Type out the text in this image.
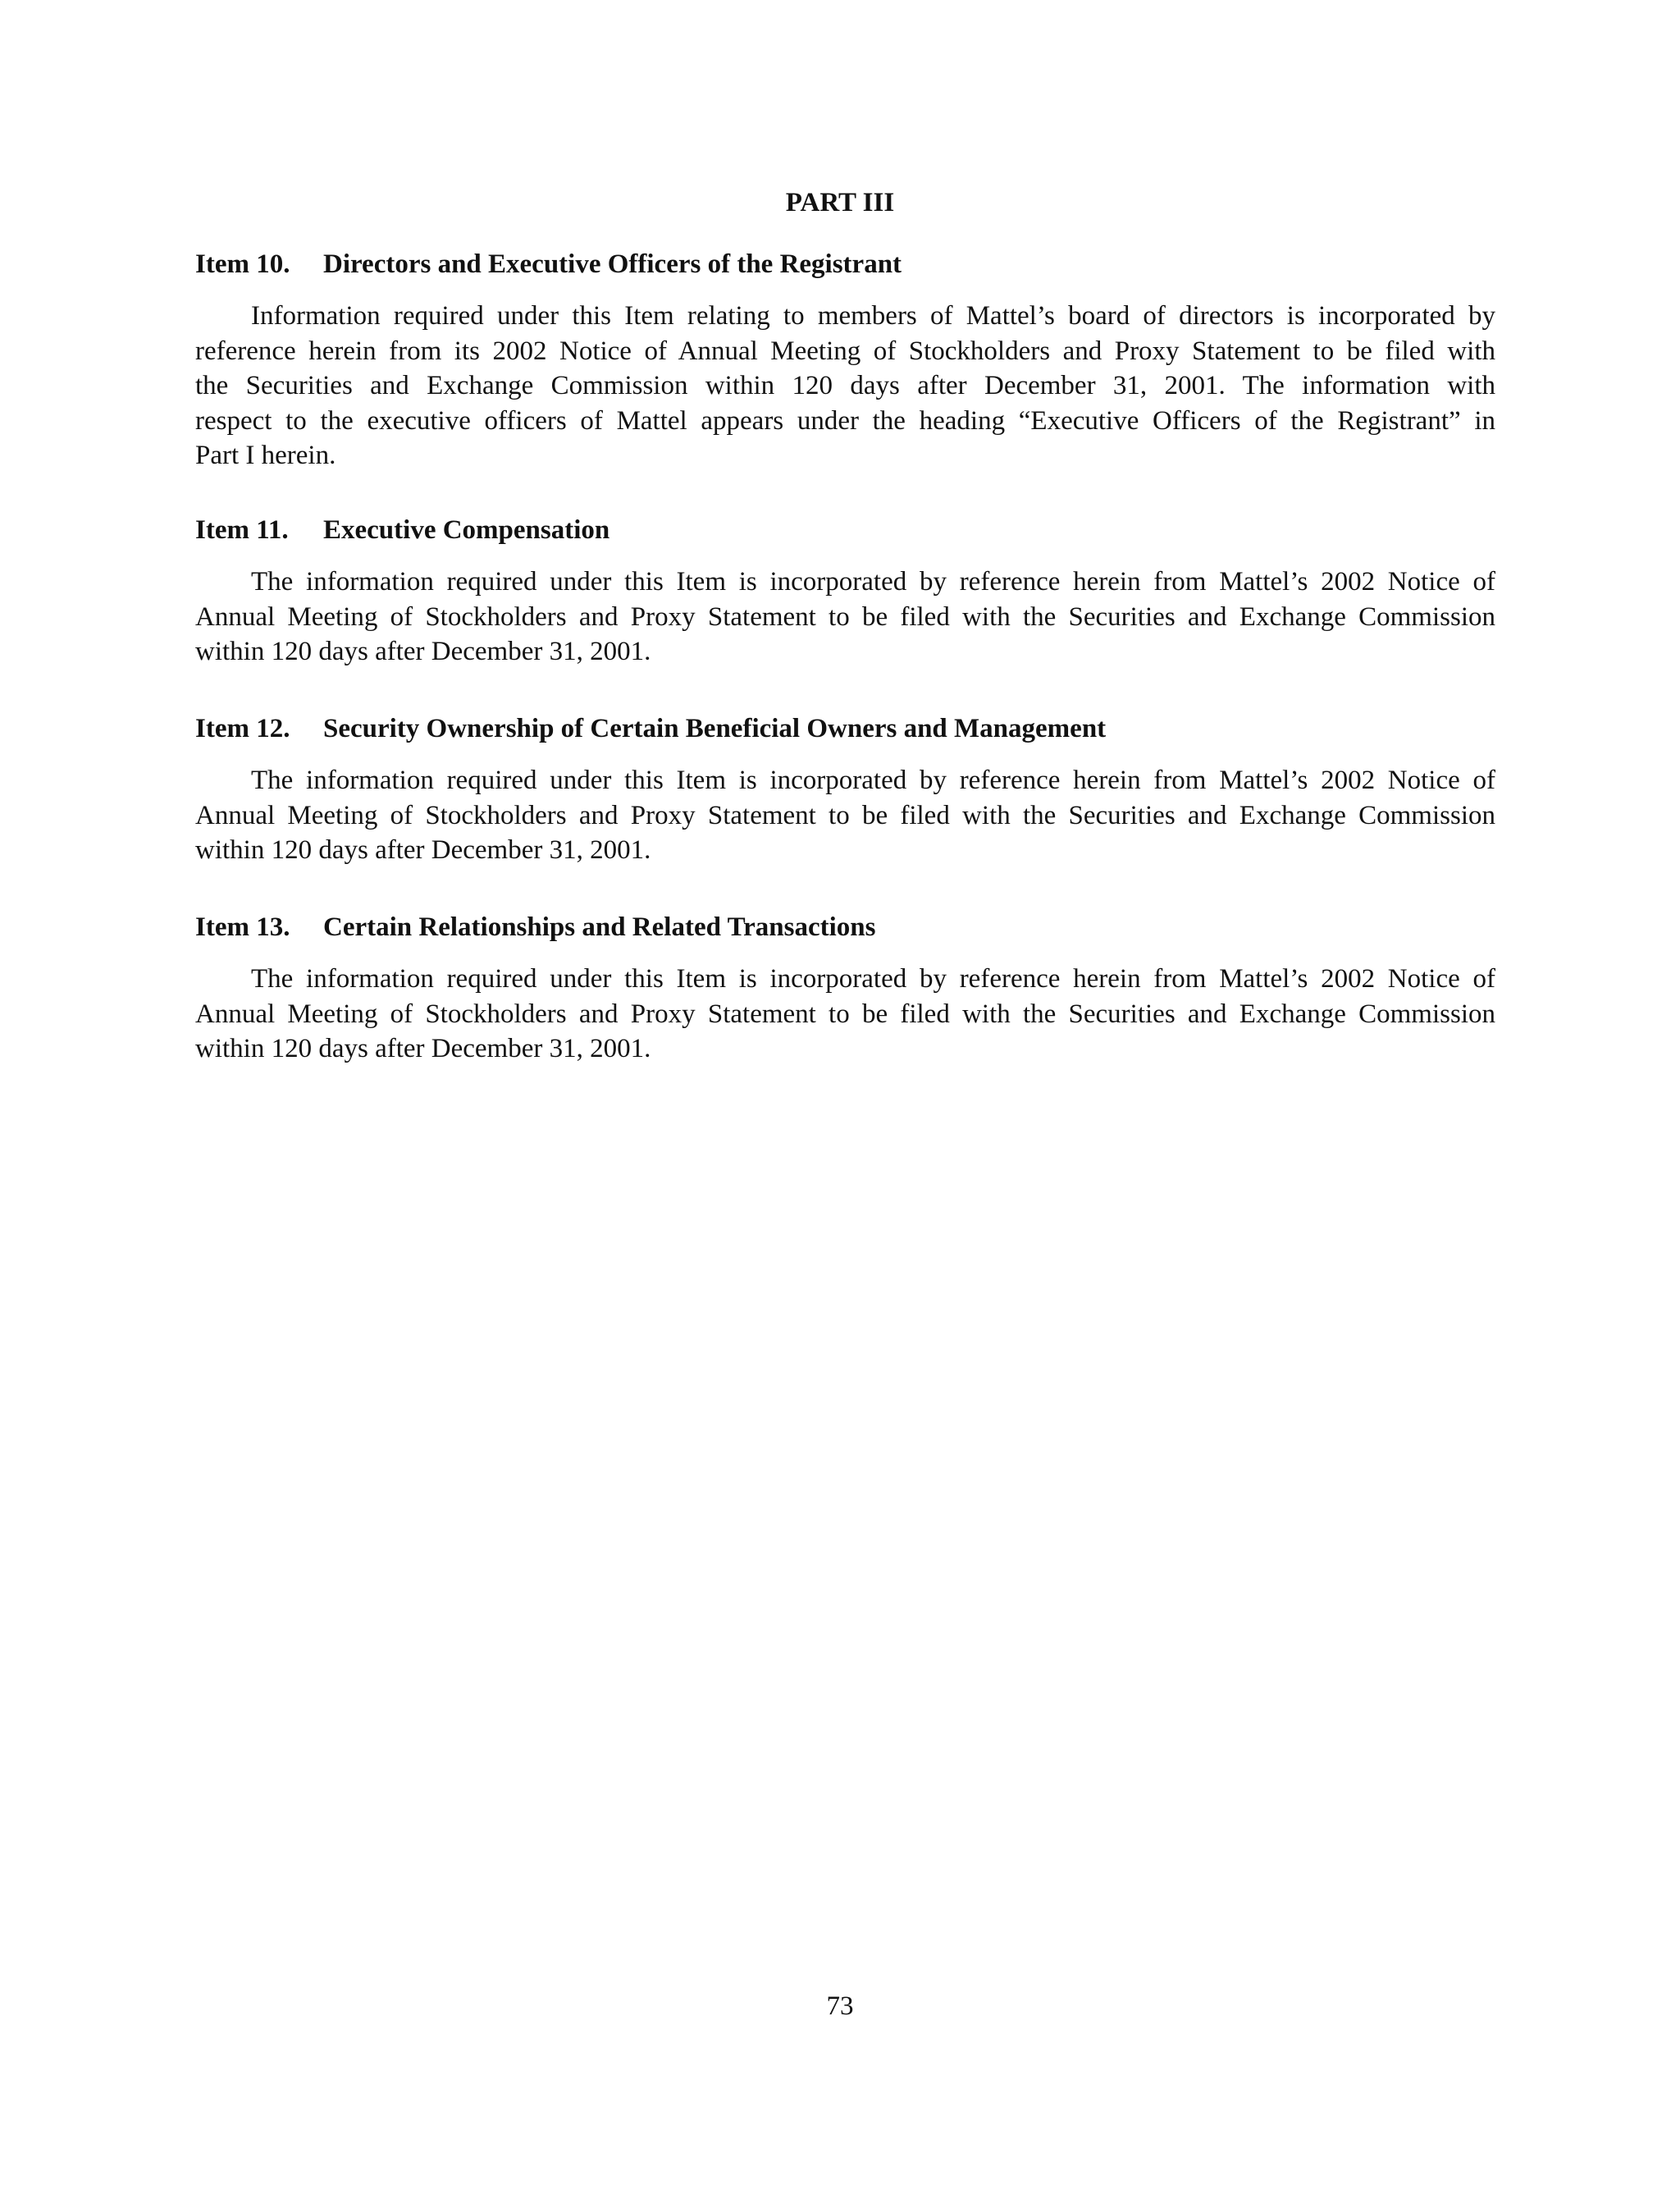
PART III
Item 10. Directors and Executive Officers of the Registrant
Information required under this Item relating to members of Mattel’s board of directors is incorporated by
reference herein from its 2002 Notice of Annual Meeting of Stockholders and Proxy Statement to be filed with
the Securities and Exchange Commission within 120 days after December 31, 2001. The information with
respect to the executive officers of Mattel appears under the heading “Executive Officers of the Registrant” in
Part I herein.
Item 11. Executive Compensation
The information required under this Item is incorporated by reference herein from Mattel’s 2002 Notice of
Annual Meeting of Stockholders and Proxy Statement to be filed with the Securities and Exchange Commission
within 120 days after December 31, 2001.
Item 12. Security Ownership of Certain Beneficial Owners and Management
The information required under this Item is incorporated by reference herein from Mattel’s 2002 Notice of
Annual Meeting of Stockholders and Proxy Statement to be filed with the Securities and Exchange Commission
within 120 days after December 31, 2001.
Item 13. Certain Relationships and Related Transactions
The information required under this Item is incorporated by reference herein from Mattel’s 2002 Notice of
Annual Meeting of Stockholders and Proxy Statement to be filed with the Securities and Exchange Commission
within 120 days after December 31, 2001.
73
